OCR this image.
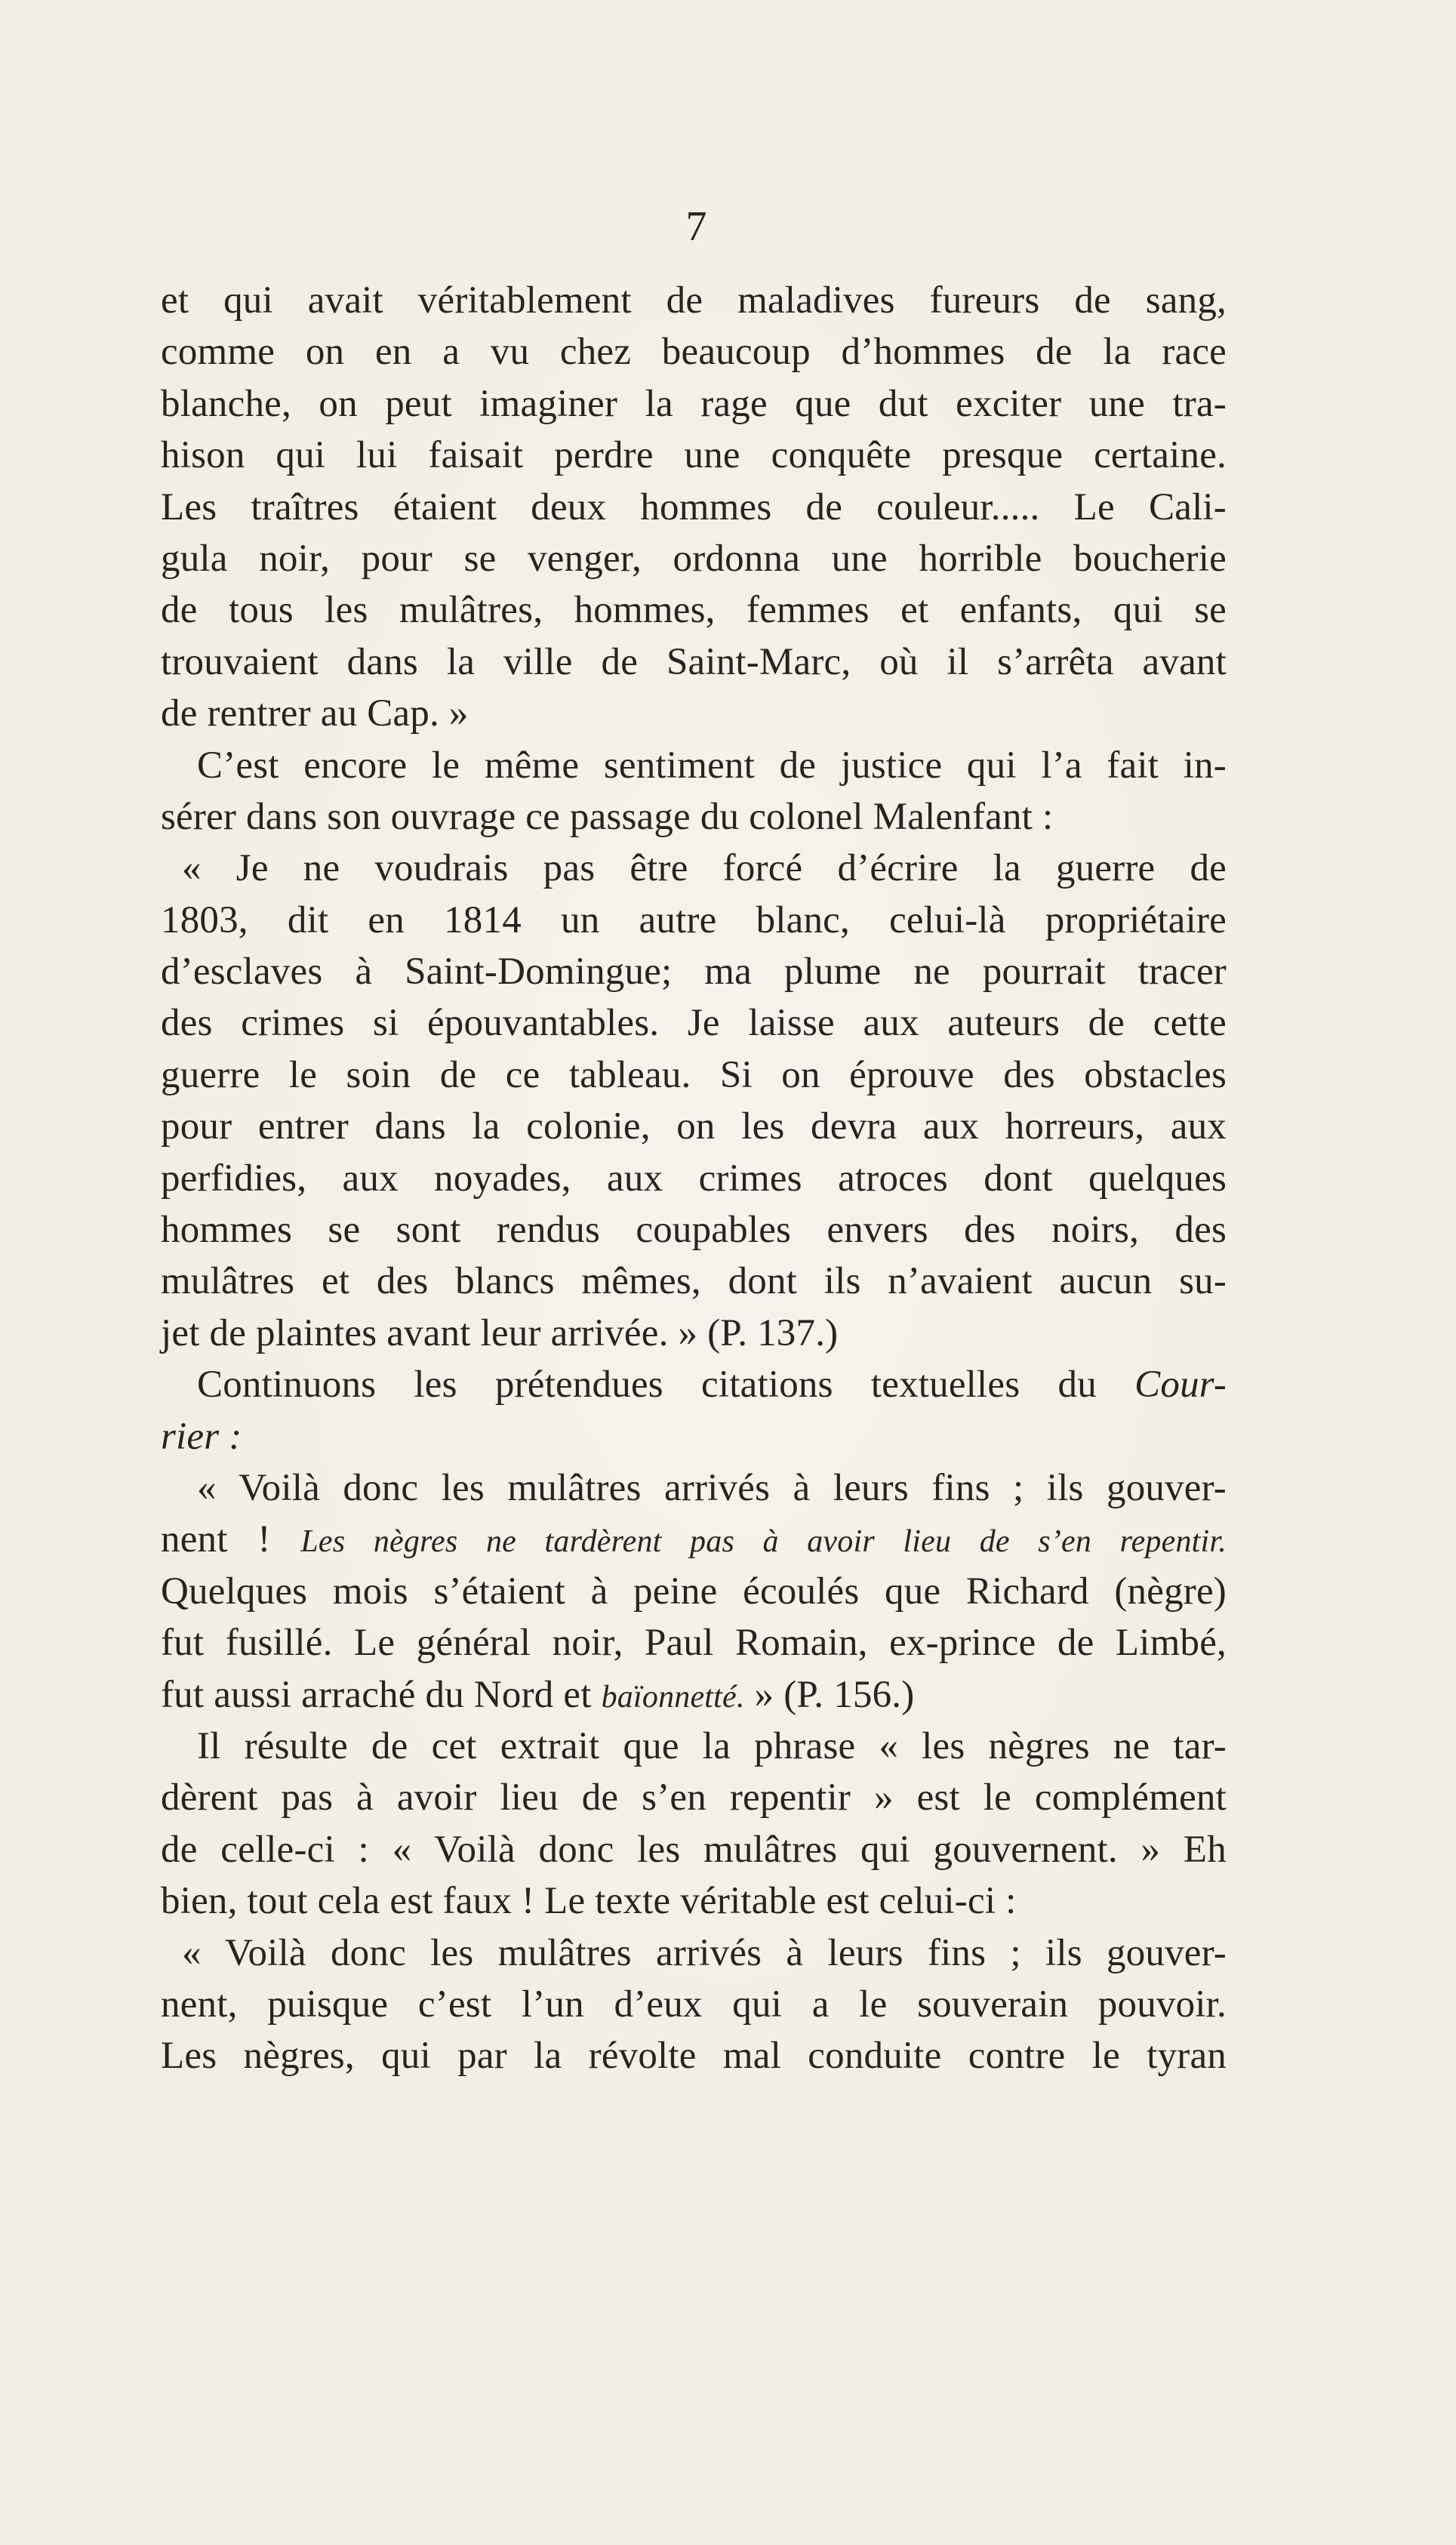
7
et qui avait véritablement de maladives fureurs de sang,
comme on en a vu chez beaucoup d’hommes de la race
blanche, on peut imaginer la rage que dut exciter une tra-
hison qui lui faisait perdre une conquête presque certaine.
Les traîtres étaient deux hommes de couleur..... Le Cali-
gula noir, pour se venger, ordonna une horrible boucherie
de tous les mulâtres, hommes, femmes et enfants, qui se
trouvaient dans la ville de Saint-Marc, où il s’arrêta avant
de rentrer au Cap. »
C’est encore le même sentiment de justice qui l’a fait in-
sérer dans son ouvrage ce passage du colonel Malenfant :
« Je ne voudrais pas être forcé d’écrire la guerre de
1803, dit en 1814 un autre blanc, celui-là propriétaire
d’esclaves à Saint-Domingue; ma plume ne pourrait tracer
des crimes si épouvantables. Je laisse aux auteurs de cette
guerre le soin de ce tableau. Si on éprouve des obstacles
pour entrer dans la colonie, on les devra aux horreurs, aux
perfidies, aux noyades, aux crimes atroces dont quelques
hommes se sont rendus coupables envers des noirs, des
mulâtres et des blancs mêmes, dont ils n’avaient aucun su-
jet de plaintes avant leur arrivée. » (P. 137.)
Continuons les prétendues citations textuelles du Cour-
rier :
« Voilà donc les mulâtres arrivés à leurs fins ; ils gouver-
nent ! Les nègres ne tardèrent pas à avoir lieu de s’en repentir.
Quelques mois s’étaient à peine écoulés que Richard (nègre)
fut fusillé. Le général noir, Paul Romain, ex-prince de Limbé,
fut aussi arraché du Nord et baïonnetté. » (P. 156.)
Il résulte de cet extrait que la phrase « les nègres ne tar-
dèrent pas à avoir lieu de s’en repentir » est le complément
de celle-ci : « Voilà donc les mulâtres qui gouvernent. » Eh
bien, tout cela est faux ! Le texte véritable est celui-ci :
« Voilà donc les mulâtres arrivés à leurs fins ; ils gouver-
nent, puisque c’est l’un d’eux qui a le souverain pouvoir.
Les nègres, qui par la révolte mal conduite contre le tyran
